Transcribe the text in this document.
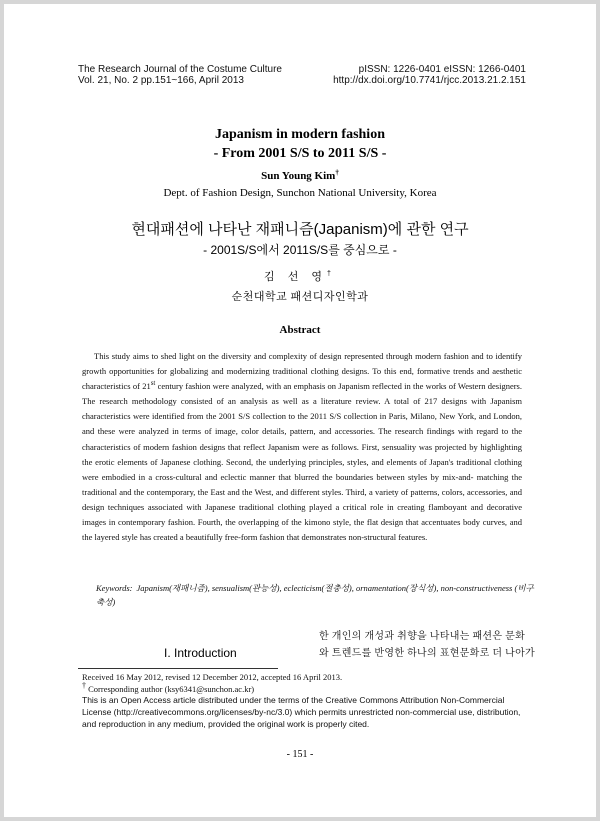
The Research Journal of the Costume Culture
Vol. 21, No. 2 pp.151~166, April 2013
pISSN: 1226-0401 eISSN: 1266-0401
http://dx.doi.org/10.7741/rjcc.2013.21.2.151
Japanism in modern fashion
- From 2001 S/S to 2011 S/S -
Sun Young Kim†
Dept. of Fashion Design, Sunchon National University, Korea
현대패션에 나타난 재패니즘(Japanism)에 관한 연구
- 2001S/S에서 2011S/S를 중심으로 -
김 선 영†
순천대학교 패션디자인학과
Abstract

This study aims to shed light on the diversity and complexity of design represented through modern fashion and to identify growth opportunities for globalizing and modernizing traditional clothing designs. To this end, formative trends and aesthetic characteristics of 21st century fashion were analyzed, with an emphasis on Japanism reflected in the works of Western designers. The research methodology consisted of an analysis as well as a literature review. A total of 217 designs with Japanism characteristics were identified from the 2001 S/S collection to the 2011 S/S collection in Paris, Milano, New York, and London, and these were analyzed in terms of image, color details, pattern, and accessories. The research findings with regard to the characteristics of modern fashion designs that reflect Japanism were as follows. First, sensuality was projected by highlighting the erotic elements of Japanese clothing. Second, the underlying principles, styles, and elements of Japan's traditional clothing were embodied in a cross-cultural and eclectic manner that blurred the boundaries between styles by mix-and- matching the traditional and the contemporary, the East and the West, and different styles. Third, a variety of patterns, colors, accessories, and design techniques associated with Japanese traditional clothing played a critical role in creating flamboyant and decorative images in contemporary fashion. Fourth, the overlapping of the kimono style, the flat design that accentuates body curves, and the layered style has created a beautifully free-form fashion that demonstrates non-structural features.

Keywords: Japanism(재패니즘), sensualism(관능성), eclecticism(절충성), ornamentation(장식성), non-constructiveness (비구축성)
I. Introduction
한 개인의 개성과 취향을 나타내는 패션은 문화
와 트렌드를 반영한 하나의 표현문화로 더 나아가
Received 16 May 2012, revised 12 December 2012, accepted 16 April 2013.
† Corresponding author (ksy6341@sunchon.ac.kr)
This is an Open Access article distributed under the terms of the Creative Commons Attribution Non-Commercial
License (http://creativecommons.org/licenses/by-nc/3.0) which permits unrestricted non-commercial use, distribution,
and reproduction in any medium, provided the original work is properly cited.
- 151 -
